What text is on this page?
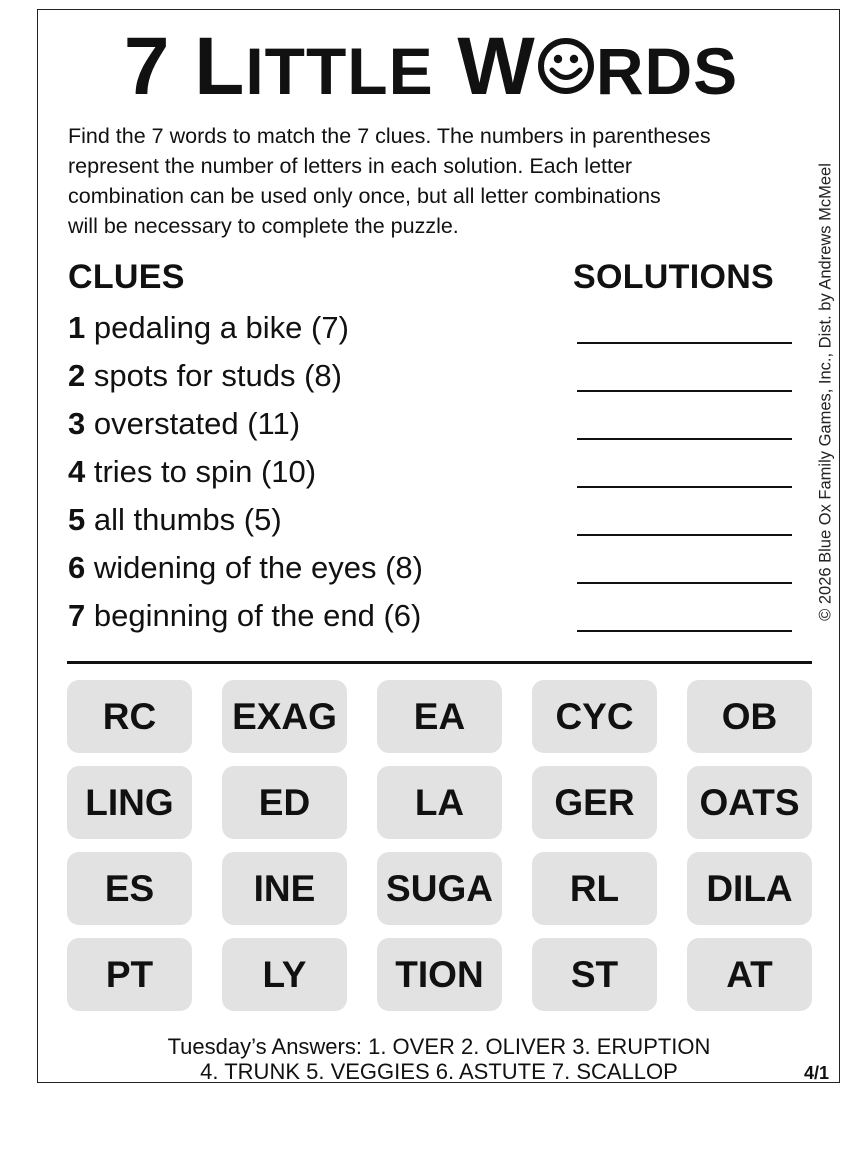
7 LITTLE W RDS
Find the 7 words to match the 7 clues. The numbers in parentheses
represent the number of letters in each solution. Each letter
combination can be used only once, but all letter combinations
will be necessary to complete the puzzle.	© 2026 Blue Ox Family Games, Inc., Dist. by Andrews McMeel
CLUES	SOLUTIONS
1 pedaling a bike (7)
2 spots for studs (8)
3 overstated (11)
4 tries to spin (10)
5 all thumbs (5)
6 widening of the eyes (8)
7 beginning of the end (6)
RC	EXAG	EA	CYC	OB
LING	ED	LA	GER	OATS
ES	INE	SUGA	RL	DILA
PT	LY	TION	ST	AT
Tuesday’s Answers: 1. OVER 2. OLIVER 3. ERUPTION
4. TRUNK 5. VEGGIES 6. ASTUTE 7. SCALLOP	4/1
